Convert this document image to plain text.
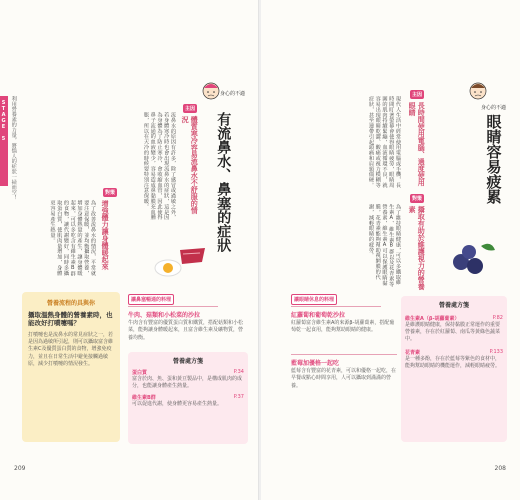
STAGE 5 利用營養素的力量，將惱人的症狀一掃而空！
身心的不適
有流鼻水、鼻塞的症狀
主因
體質寒冷容易流鼻水不舒服的情況
流鼻水的原因有許多，除了感冒或過敏之外，若身體寒冷時也會出現流鼻水的症狀，這是因為身體為了防止寒冷，會收縮血管，因此使得鼻子流通的血液變少，容易造成鼻黏膜充血腫脹，所以在天冷的時候要特別注意保暖。
對策
增強體力讓身體暖起來
為了改善流鼻水的情況，平常就要注意保暖，並均衡攝取營養，增加身體熱量的產生，讓身體暖起來，可以多吃含有維生素B群的食物，讓代謝變好，同時多攝取蛋白質，使肌肉量增加，身體更容易產生熱量。
營養流程的具與你
攝取溫熱身體的營養素時，也能改好打噴嚏嗎？
打噴嚏也是流鼻水的常見症狀之一，若是因為過敏所引起，則可以攝取富含維生素C及優質蛋白質的食物，增強免疫力，並且在日常生活中避免接觸過敏原，減少打噴嚏的情況發生。
讓鼻塞暢通的料理
牛肉、菇類和小松菜的沙拉
牛肉含有豐富的優質蛋白質和鐵質，搭配菇類和小松菜，能夠讓身體暖起來，且富含維生素及礦物質，營養均衡。
營養處方箋
蛋白質	P.34
富含於肉、魚、蛋和黃豆製品中，是構成肌肉的成分，也能讓身體產生熱量。
維生素B群	P.37
可以促進代謝，使身體更容易產生熱量。
209
身心的不適
眼睛容易疲累
主因
長時間使用電腦、過度使用眼睛
現代人生活中經常使用電腦或手機，長時間盯著螢幕會使得眼睛疲勞，眼睛周圍的肌肉持續緊繃，血液循環不良，就容易出現眼睛乾澀、酸痛或視力模糊等症狀，甚至連帶引起頭痛和肩頸僵硬。
對策
攝取有助於維護視力的營養素
為了維持眼睛健康，可以多攝取維生素A、維生素B群以及花青素等營養素，維生素A可以保護眼睛黏膜，花青素能夠幫助視網膜的代謝，減輕眼睛的疲勞。
讓眼睛休息的料理
紅蘿蔔和葡萄乾沙拉
紅蘿蔔富含維生素A的來源β-胡蘿蔔素，搭配葡萄乾一起食用，能夠幫助眼睛的健康。
藍莓加優格一起吃
藍莓含有豐富的花青素，可以和優格一起吃，在早餐或點心時間享用，人可以攝取到滿滿的營養。
營養處方箋
維生素A（β-胡蘿蔔素）	P.82
是維護眼睛健康，保持黏膜正常運作的重要營養素，存在於紅蘿蔔、南瓜等黃綠色蔬菜中。
花青素	P.133
是一種多酚，存在於藍莓等紫色的食材中，能夠幫助眼睛的機能運作，減輕眼睛疲勞。
208
